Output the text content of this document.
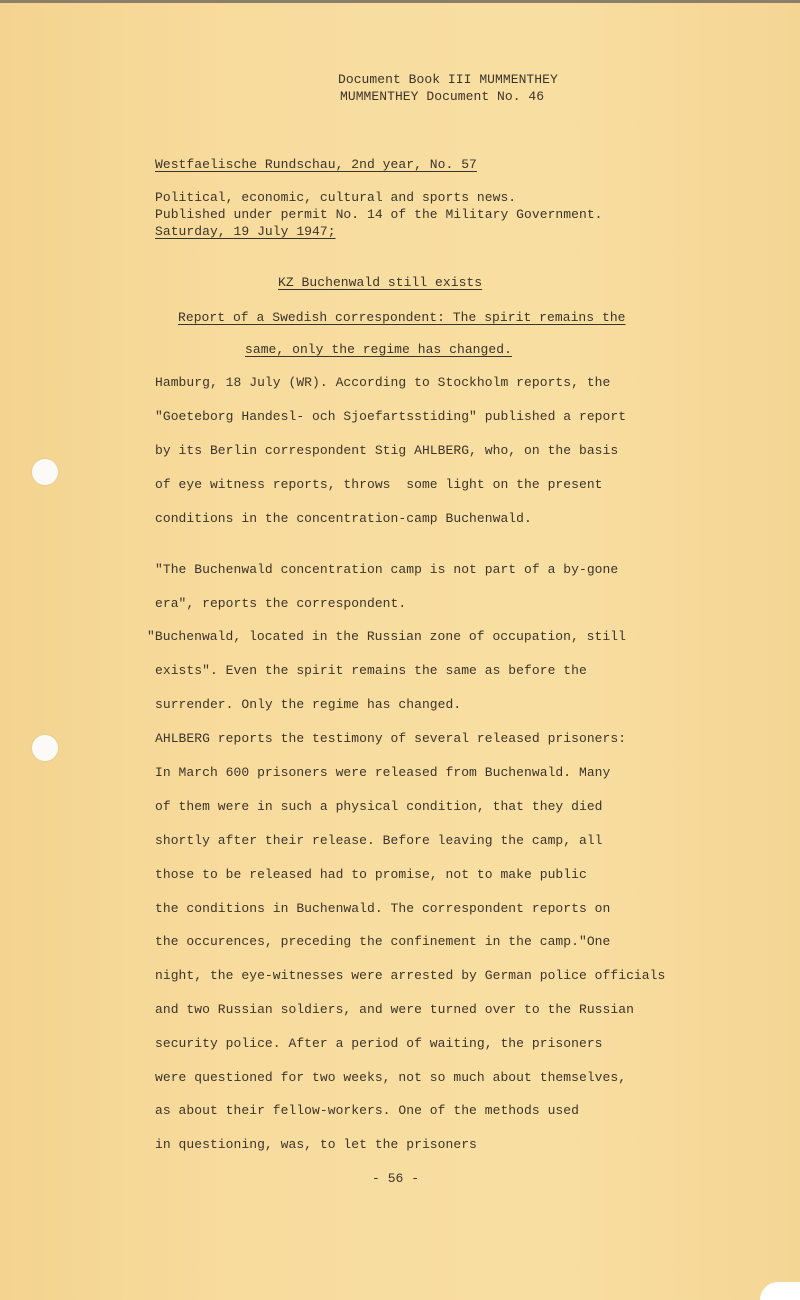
Document Book III MUMMENTHEY
MUMMENTHEY Document No. 46
Westfaelische Rundschau, 2nd year, No. 57
Political, economic, cultural and sports news.
Published under permit No. 14 of the Military Government.
Saturday, 19 July 1947;
KZ Buchenwald still exists
Report of a Swedish correspondent: The spirit remains the
same, only the regime has changed.
Hamburg, 18 July (WR). According to Stockholm reports, the
"Goeteborg Handesl- och Sjoefartsstiding" published a report
by its Berlin correspondent Stig AHLBERG, who, on the basis
of eye witness reports, throws  some light on the present
conditions in the concentration-camp Buchenwald.
"The Buchenwald concentration camp is not part of a by-gone
era", reports the correspondent.
"Buchenwald, located in the Russian zone of occupation, still
exists". Even the spirit remains the same as before the
surrender. Only the regime has changed.
AHLBERG reports the testimony of several released prisoners:
In March 600 prisoners were released from Buchenwald. Many
of them were in such a physical condition, that they died
shortly after their release. Before leaving the camp, all
those to be released had to promise, not to make public
the conditions in Buchenwald. The correspondent reports on
the occurences, preceding the confinement in the camp."One
night, the eye-witnesses were arrested by German police officials
and two Russian soldiers, and were turned over to the Russian
security police. After a period of waiting, the prisoners
were questioned for two weeks, not so much about themselves,
as about their fellow-workers. One of the methods used
in questioning, was, to let the prisoners
- 56 -
